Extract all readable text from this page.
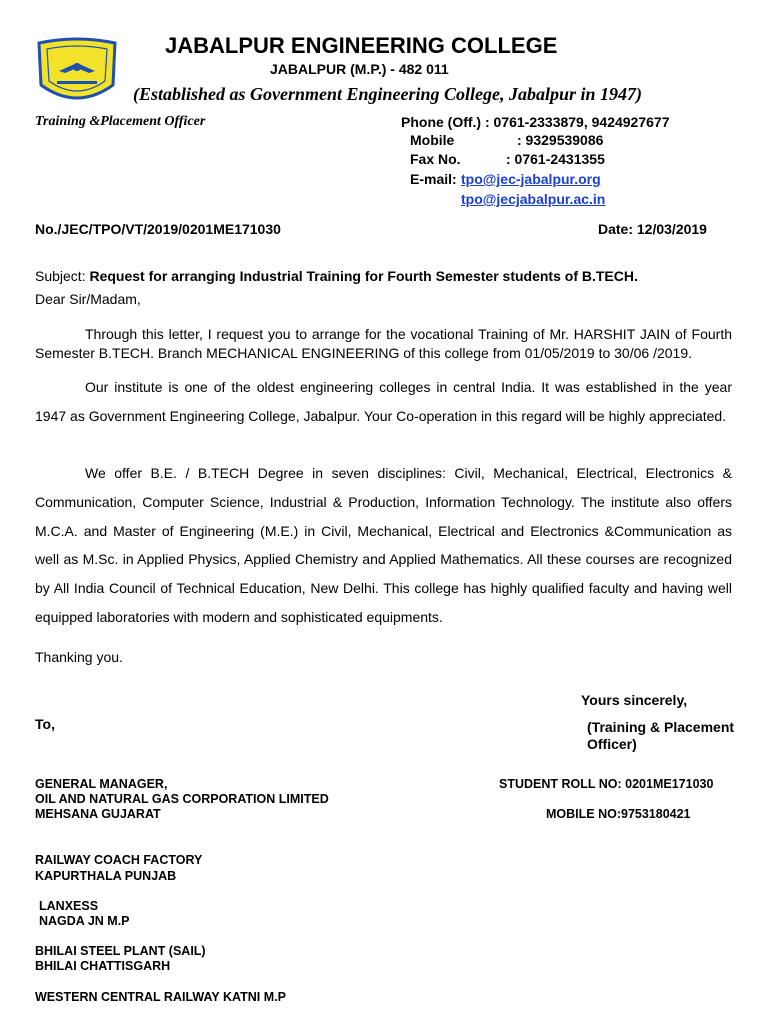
JABALPUR ENGINEERING COLLEGE
JABALPUR (M.P.) - 482 011
(Established as Government Engineering College, Jabalpur in 1947)
Training &Placement Officer	Phone (Off.) : 0761-2333879, 9424927677
Mobile	: 9329539086
Fax No.	: 0761-2431355
E-mail: tpo@jec-jabalpur.org
tpo@jecjabalpur.ac.in
No./JEC/TPO/VT/2019/0201ME171030	Date: 12/03/2019
Subject: Request for arranging Industrial Training for Fourth Semester students of B.TECH.
Dear Sir/Madam,
Through this letter, I request you to arrange for the vocational Training of Mr. HARSHIT JAIN of Fourth Semester B.TECH. Branch MECHANICAL ENGINEERING of this college from 01/05/2019 to 30/06 /2019.
Our institute is one of the oldest engineering colleges in central India. It was established in the year 1947 as Government Engineering College, Jabalpur. Your Co-operation in this regard will be highly appreciated.
We offer B.E. / B.TECH Degree in seven disciplines: Civil, Mechanical, Electrical, Electronics & Communication, Computer Science, Industrial & Production, Information Technology. The institute also offers M.C.A. and Master of Engineering (M.E.) in Civil, Mechanical, Electrical and Electronics &Communication as well as M.Sc. in Applied Physics, Applied Chemistry and Applied Mathematics. All these courses are recognized by All India Council of Technical Education, New Delhi. This college has highly qualified faculty and having well equipped laboratories with modern and sophisticated equipments.
Thanking you.
Yours sincerely,
(Training & Placement
Officer)
To,
GENERAL MANAGER,
OIL AND NATURAL GAS CORPORATION LIMITED
MEHSANA GUJARAT
STUDENT ROLL NO: 0201ME171030
MOBILE NO:9753180421
RAILWAY COACH FACTORY
KAPURTHALA PUNJAB
LANXESS
NAGDA JN M.P
BHILAI STEEL PLANT (SAIL)
BHILAI CHATTISGARH
WESTERN CENTRAL RAILWAY KATNI M.P
